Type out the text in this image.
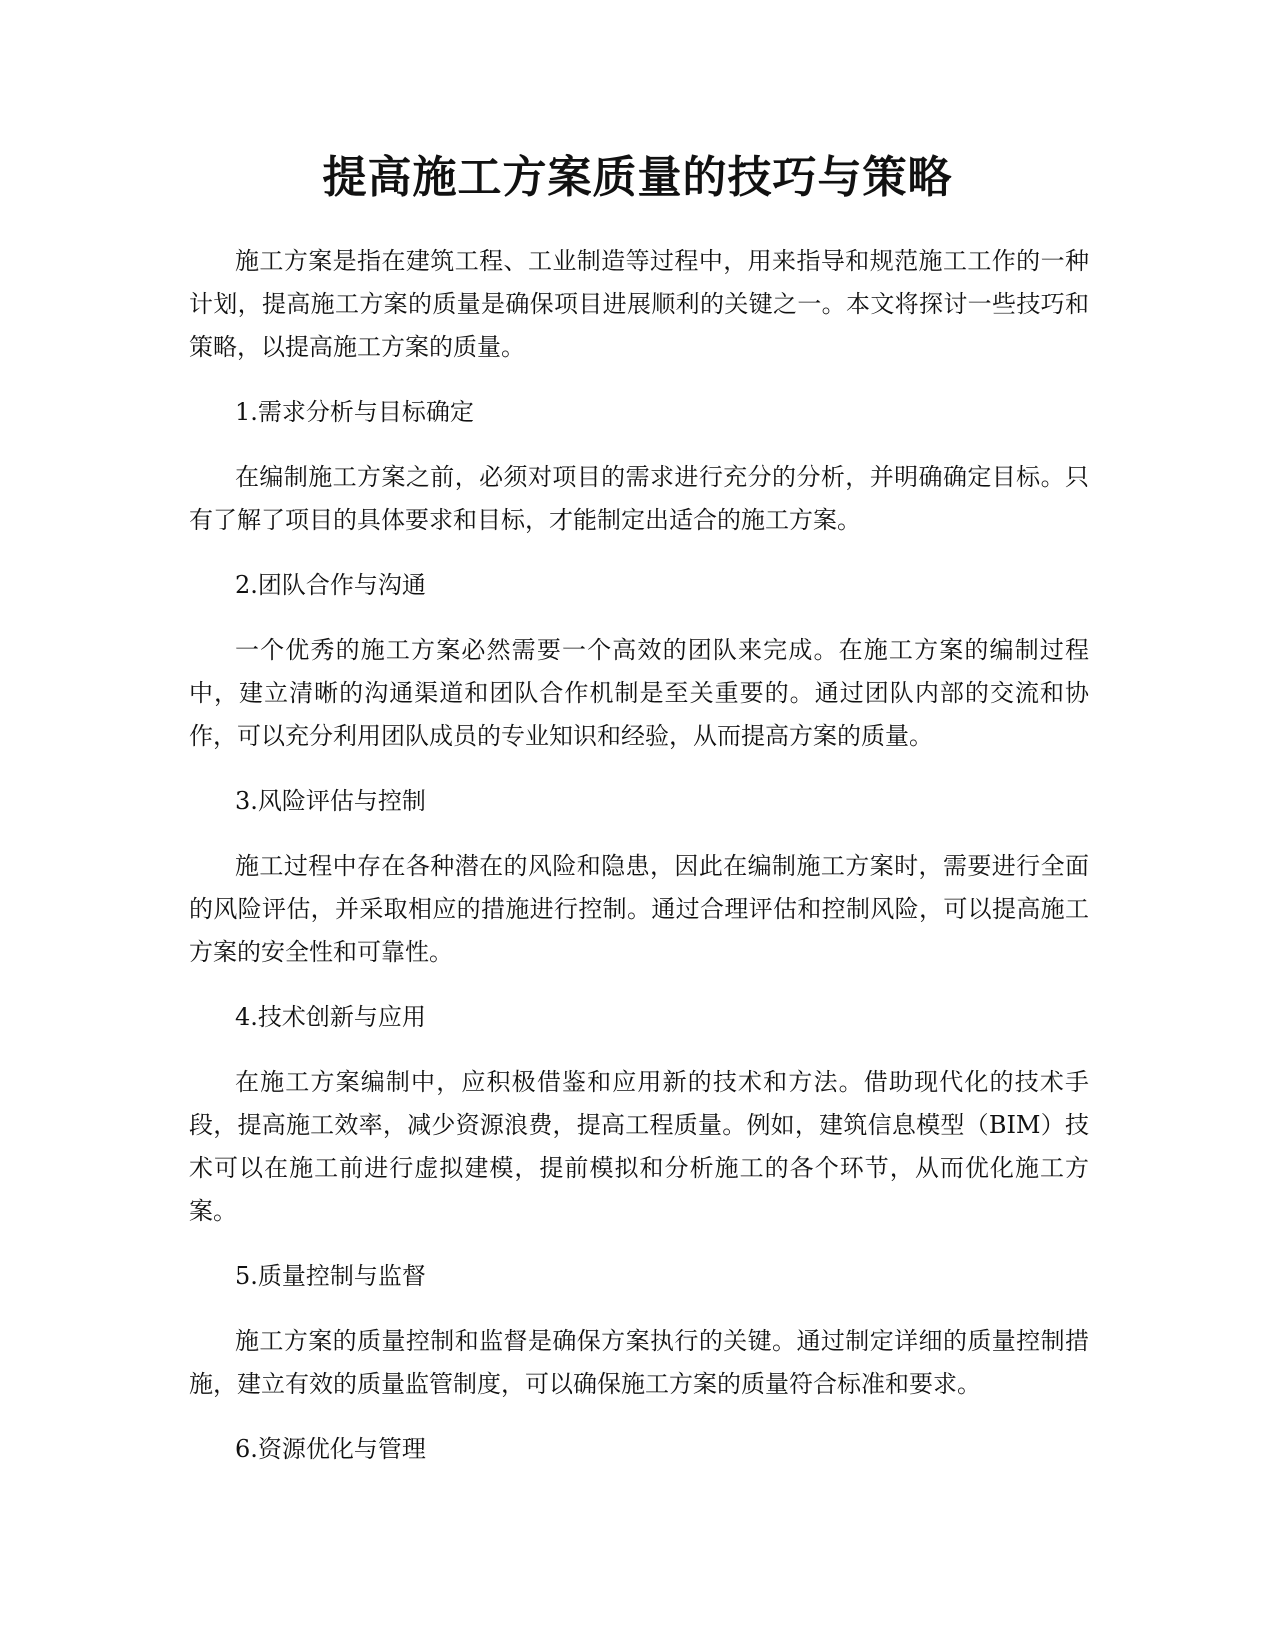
提高施工方案质量的技巧与策略

施工方案是指在建筑工程、工业制造等过程中，用来指导和规范施工工作的一种计划，提高施工方案的质量是确保项目进展顺利的关键之一。本文将探讨一些技巧和策略，以提高施工方案的质量。

1.需求分析与目标确定

在编制施工方案之前，必须对项目的需求进行充分的分析，并明确确定目标。只有了解了项目的具体要求和目标，才能制定出适合的施工方案。

2.团队合作与沟通

一个优秀的施工方案必然需要一个高效的团队来完成。在施工方案的编制过程中，建立清晰的沟通渠道和团队合作机制是至关重要的。通过团队内部的交流和协作，可以充分利用团队成员的专业知识和经验，从而提高方案的质量。

3.风险评估与控制

施工过程中存在各种潜在的风险和隐患，因此在编制施工方案时，需要进行全面的风险评估，并采取相应的措施进行控制。通过合理评估和控制风险，可以提高施工方案的安全性和可靠性。

4.技术创新与应用

在施工方案编制中，应积极借鉴和应用新的技术和方法。借助现代化的技术手段，提高施工效率，减少资源浪费，提高工程质量。例如，建筑信息模型（BIM）技术可以在施工前进行虚拟建模，提前模拟和分析施工的各个环节，从而优化施工方案。

5.质量控制与监督

施工方案的质量控制和监督是确保方案执行的关键。通过制定详细的质量控制措施，建立有效的质量监管制度，可以确保施工方案的质量符合标准和要求。

6.资源优化与管理
